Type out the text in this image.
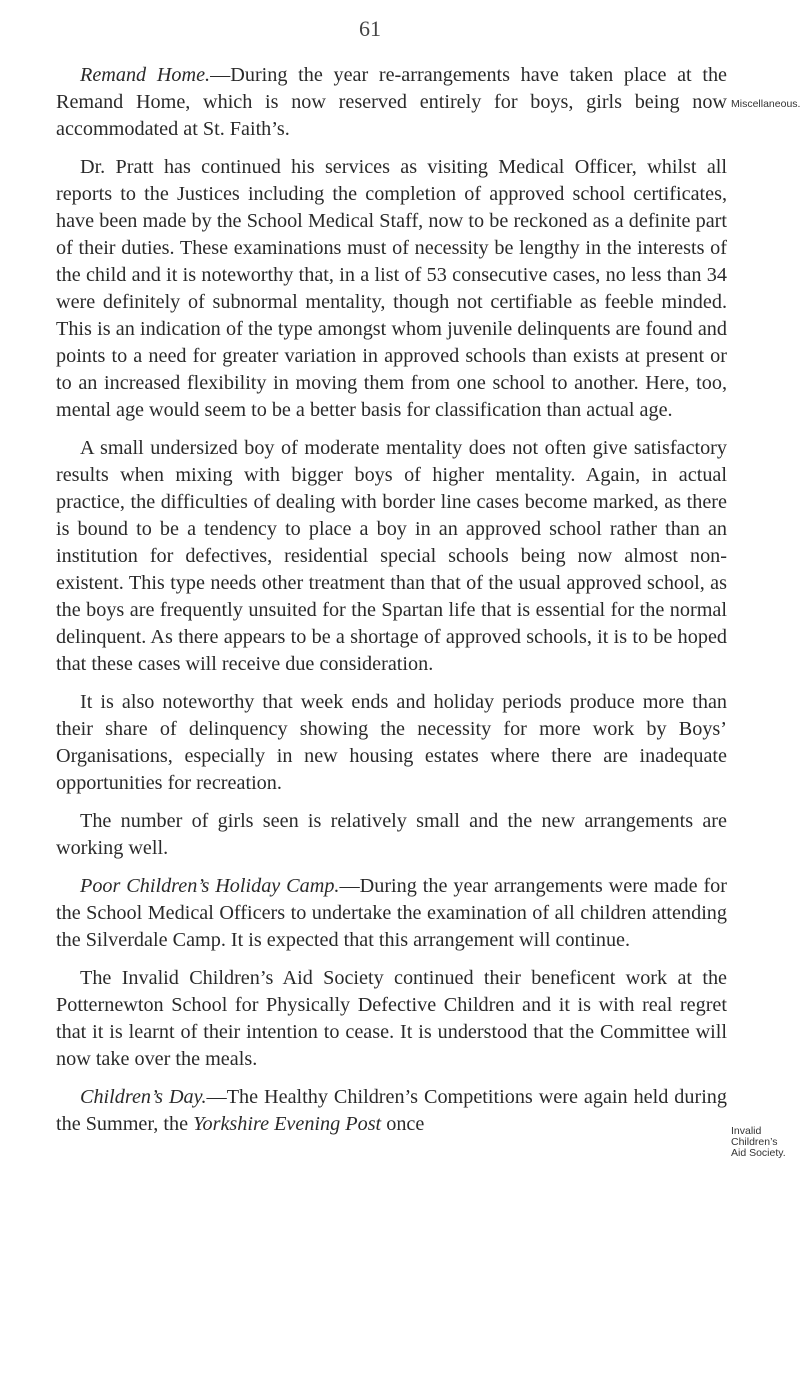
61
Miscellaneous.
Invalid
Children’s
Aid Society.

Remand Home.—During the year re-arrangements have taken place at the Remand Home, which is now reserved entirely for boys, girls being now accommodated at St. Faith’s.

Dr. Pratt has continued his services as visiting Medical Officer, whilst all reports to the Justices including the completion of approved school certificates, have been made by the School Medical Staff, now to be reckoned as a definite part of their duties. These examinations must of necessity be lengthy in the interests of the child and it is noteworthy that, in a list of 53 consecutive cases, no less than 34 were definitely of subnormal mentality, though not certifiable as feeble minded. This is an indication of the type amongst whom juvenile delinquents are found and points to a need for greater variation in approved schools than exists at present or to an increased flexibility in moving them from one school to another. Here, too, mental age would seem to be a better basis for classification than actual age.

A small undersized boy of moderate mentality does not often give satisfactory results when mixing with bigger boys of higher mentality. Again, in actual practice, the difficulties of dealing with border line cases become marked, as there is bound to be a tendency to place a boy in an approved school rather than an institution for defectives, residential special schools being now almost non-existent. This type needs other treatment than that of the usual approved school, as the boys are frequently unsuited for the Spartan life that is essential for the normal delinquent. As there appears to be a shortage of approved schools, it is to be hoped that these cases will receive due consideration.

It is also noteworthy that week ends and holiday periods produce more than their share of delinquency showing the necessity for more work by Boys’ Organisations, especially in new housing estates where there are inadequate opportunities for recreation.

The number of girls seen is relatively small and the new arrangements are working well.

Poor Children’s Holiday Camp.—During the year arrangements were made for the School Medical Officers to undertake the examination of all children attending the Silverdale Camp. It is expected that this arrangement will continue.

The Invalid Children’s Aid Society continued their beneficent work at the Potternewton School for Physically Defective Children and it is with real regret that it is learnt of their intention to cease. It is understood that the Committee will now take over the meals.

Children’s Day.—The Healthy Children’s Competitions were again held during the Summer, the Yorkshire Evening Post once
